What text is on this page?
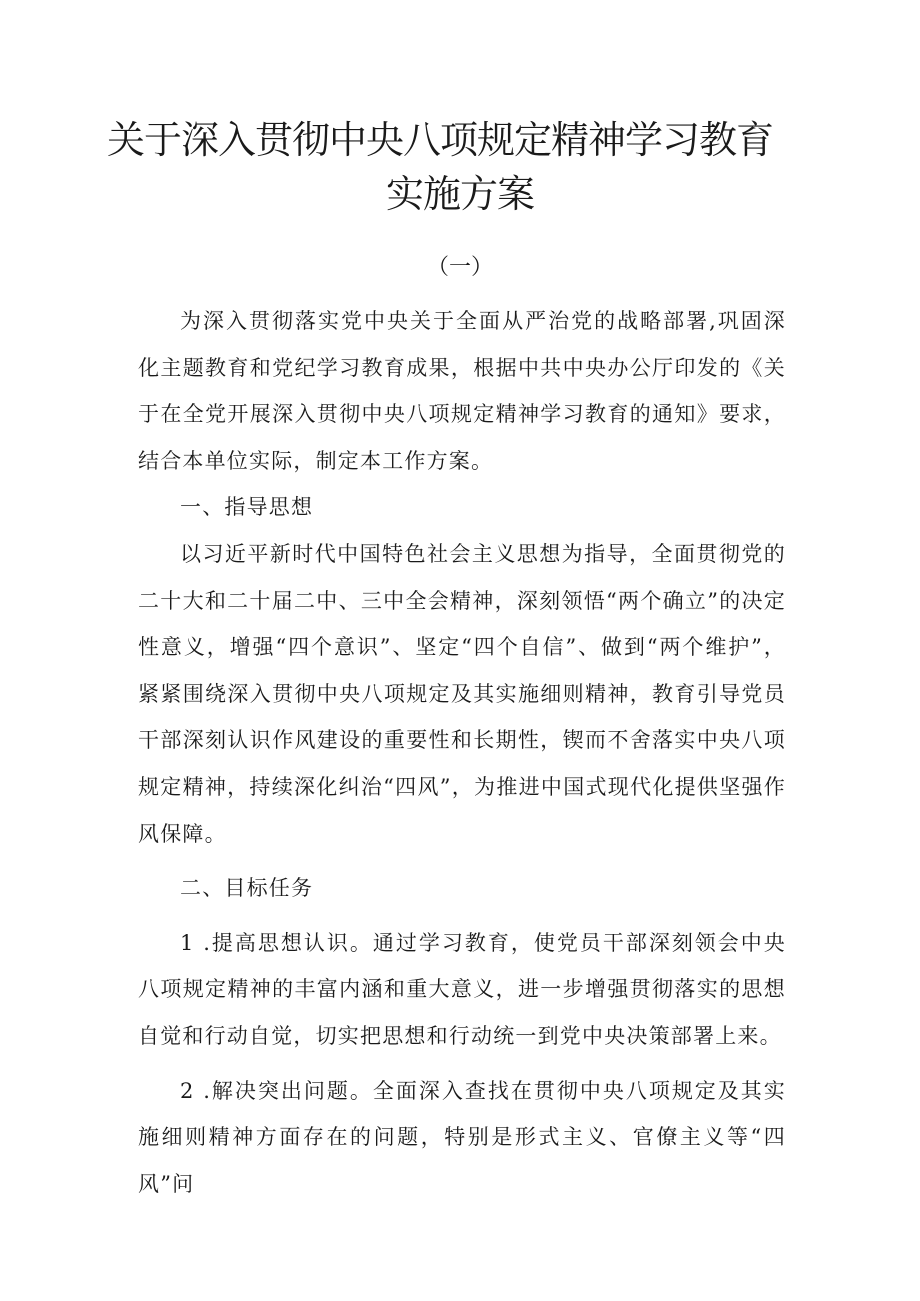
关于深入贯彻中央八项规定精神学习教育
实施方案
（一）

为深入贯彻落实党中央关于全面从严治党的战略部署,巩固深化主题教育和党纪学习教育成果，根据中共中央办公厅印发的《关于在全党开展深入贯彻中央八项规定精神学习教育的通知》要求，结合本单位实际，制定本工作方案。

一、指导思想

以习近平新时代中国特色社会主义思想为指导，全面贯彻党的二十大和二十届二中、三中全会精神，深刻领悟“两个确立”的决定性意义，增强“四个意识”、坚定“四个自信”、做到“两个维护”，紧紧围绕深入贯彻中央八项规定及其实施细则精神，教育引导党员干部深刻认识作风建设的重要性和长期性，锲而不舍落实中央八项规定精神，持续深化纠治“四风”，为推进中国式现代化提供坚强作风保障。

二、目标任务

1 .提高思想认识。通过学习教育，使党员干部深刻领会中央八项规定精神的丰富内涵和重大意义，进一步增强贯彻落实的思想自觉和行动自觉，切实把思想和行动统一到党中央决策部署上来。

2 .解决突出问题。全面深入查找在贯彻中央八项规定及其实施细则精神方面存在的问题，特别是形式主义、官僚主义等“四风”问
